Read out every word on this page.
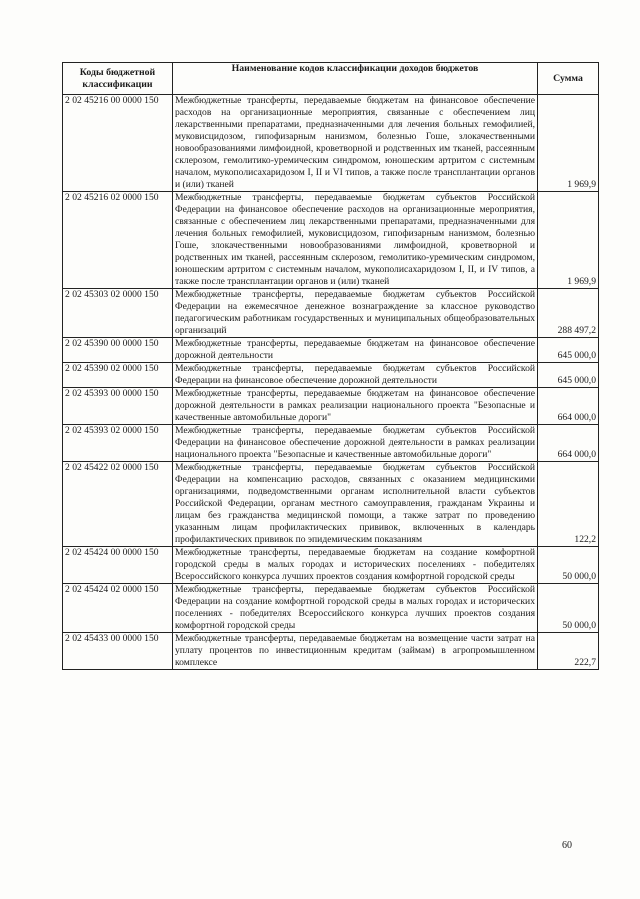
Коды бюджетной классификации	Наименование кодов классификации доходов бюджетов	Сумма
2 02 45216 00 0000 150	Межбюджетные трансферты, передаваемые бюджетам на финансовое обеспечение расходов на организационные мероприятия, связанные с обеспечением лиц лекарственными препаратами, предназначенными для лечения больных гемофилией, муковисцидозом, гипофизарным нанизмом, болезнью Гоше, злокачественными новообразованиями лимфоидной, кроветворной и родственных им тканей, рассеянным склерозом, гемолитико-уремическим синдромом, юношеским артритом с системным началом, мукополисахаридозом I, II и VI типов, а также после трансплантации органов и (или) тканей	1 969,9
2 02 45216 02 0000 150	Межбюджетные трансферты, передаваемые бюджетам субъектов Российской Федерации на финансовое обеспечение расходов на организационные мероприятия, связанные с обеспечением лиц лекарственными препаратами, предназначенными для лечения больных гемофилией, муковисцидозом, гипофизарным нанизмом, болезнью Гоше, злокачественными новообразованиями лимфоидной, кроветворной и родственных им тканей, рассеянным склерозом, гемолитико-уремическим синдромом, юношеским артритом с системным началом, мукополисахаридозом I, II, и IV типов, а также после трансплантации органов и (или) тканей	1 969,9
2 02 45303 02 0000 150	Межбюджетные трансферты, передаваемые бюджетам субъектов Российской Федерации на ежемесячное денежное вознаграждение за классное руководство педагогическим работникам государственных и муниципальных общеобразовательных организаций	288 497,2
2 02 45390 00 0000 150	Межбюджетные трансферты, передаваемые бюджетам на финансовое обеспечение дорожной деятельности	645 000,0
2 02 45390 02 0000 150	Межбюджетные трансферты, передаваемые бюджетам субъектов Российской Федерации на финансовое обеспечение дорожной деятельности	645 000,0
2 02 45393 00 0000 150	Межбюджетные трансферты, передаваемые бюджетам на финансовое обеспечение дорожной деятельности в рамках реализации национального проекта "Безопасные и качественные автомобильные дороги"	664 000,0
2 02 45393 02 0000 150	Межбюджетные трансферты, передаваемые бюджетам субъектов Российской Федерации на финансовое обеспечение дорожной деятельности в рамках реализации национального проекта "Безопасные и качественные автомобильные дороги"	664 000,0
2 02 45422 02 0000 150	Межбюджетные трансферты, передаваемые бюджетам субъектов Российской Федерации на компенсацию расходов, связанных с оказанием медицинскими организациями, подведомственными органам исполнительной власти субъектов Российской Федерации, органам местного самоуправления, гражданам Украины и лицам без гражданства медицинской помощи, а также затрат по проведению указанным лицам профилактических прививок, включенных в календарь профилактических прививок по эпидемическим показаниям	122,2
2 02 45424 00 0000 150	Межбюджетные трансферты, передаваемые бюджетам на создание комфортной городской среды в малых городах и исторических поселениях - победителях Всероссийского конкурса лучших проектов создания комфортной городской среды	50 000,0
2 02 45424 02 0000 150	Межбюджетные трансферты, передаваемые бюджетам субъектов Российской Федерации на создание комфортной городской среды в малых городах и исторических поселениях - победителях Всероссийского конкурса лучших проектов создания комфортной городской среды	50 000,0
2 02 45433 00 0000 150	Межбюджетные трансферты, передаваемые бюджетам на возмещение части затрат на уплату процентов по инвестиционным кредитам (займам) в агропромышленном комплексе	222,7
60
